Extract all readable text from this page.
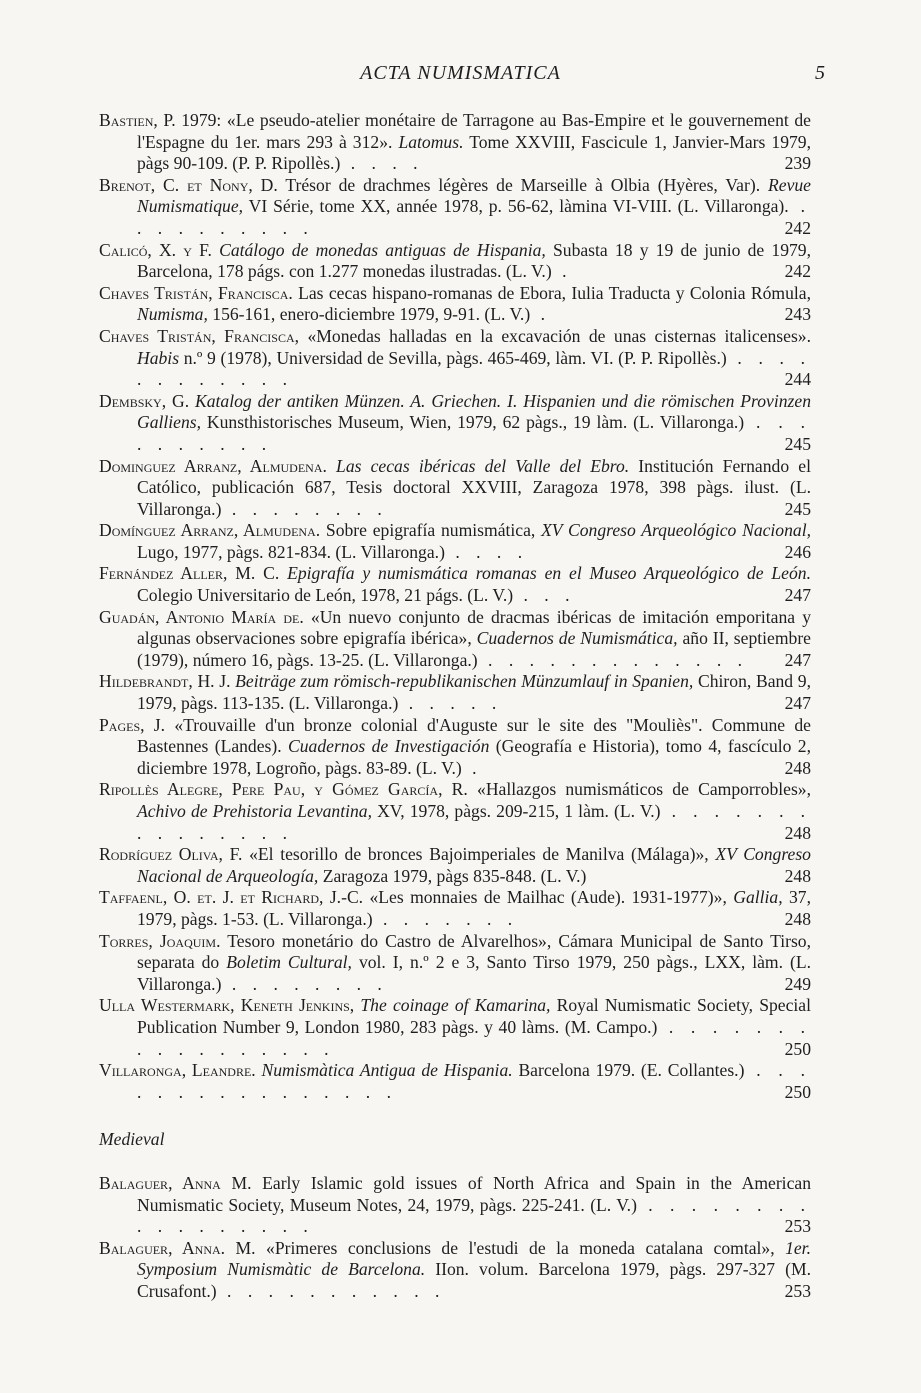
ACTA NUMISMATICA	5
Bastien, P. 1979: «Le pseudo-atelier monétaire de Tarragone au Bas-Empire et le gouvernement de l'Espagne du 1er. mars 293 à 312». Latomus. Tome XXVIII, Fascicule 1, Janvier-Mars 1979, pàgs 90-109. (P. P. Ripollès.) . . . .	239
Brenot, C. et Nony, D. Trésor de drachmes légères de Marseille à Olbia (Hyères, Var). Revue Numismatique, VI Série, tome XX, année 1978, p. 56-62, làmina VI-VIII. (L. Villaronga). . . . . . . . . . .	242
Calicó, X. y F. Catálogo de monedas antiguas de Hispania, Subasta 18 y 19 de junio de 1979, Barcelona, 178 págs. con 1.277 monedas ilustradas. (L. V.) .	242
Chaves Tristán, Francisca. Las cecas hispano-romanas de Ebora, Iulia Traducta y Colonia Rómula, Numisma, 156-161, enero-diciembre 1979, 9-91. (L. V.) .	243
Chaves Tristán, Francisca, «Monedas halladas en la excavación de unas cisternas italicenses». Habis n.º 9 (1978), Universidad de Sevilla, pàgs. 465-469, làm. VI. (P. P. Ripollès.) . . . . . . . . . . . .	244
Dembsky, G. Katalog der antiken Münzen. A. Griechen. I. Hispanien und die römischen Provinzen Galliens, Kunsthistorisches Museum, Wien, 1979, 62 pàgs., 19 làm. (L. Villaronga.) . . . . . . . . . .	245
Dominguez Arranz, Almudena. Las cecas ibéricas del Valle del Ebro. Institución Fernando el Católico, publicación 687, Tesis doctoral XXVIII, Zaragoza 1978, 398 pàgs. ilust. (L. Villaronga.) . . . . . . . .	245
Domínguez Arranz, Almudena. Sobre epigrafía numismática, XV Congreso Arqueológico Nacional, Lugo, 1977, pàgs. 821-834. (L. Villaronga.) . . . .	246
Fernández Aller, M. C. Epigrafía y numismática romanas en el Museo Arqueológico de León. Colegio Universitario de León, 1978, 21 págs. (L. V.) . . .	247
Guadán, Antonio María de. «Un nuevo conjunto de dracmas ibéricas de imitación emporitana y algunas observaciones sobre epigrafía ibérica», Cuadernos de Numismática, año II, septiembre (1979), número 16, pàgs. 13-25. (L. Villaronga.) . . . . . . . . . . . . . 247
Hildebrandt, H. J. Beiträge zum römisch-republikanischen Münzumlauf in Spanien, Chiron, Band 9, 1979, pàgs. 113-135. (L. Villaronga.) . . . . .	247
Pages, J. «Trouvaille d'un bronze colonial d'Auguste sur le site des "Mouliès". Commune de Bastennes (Landes). Cuadernos de Investigación (Geografía e Historia), tomo 4, fascículo 2, diciembre 1978, Logroño, pàgs. 83-89. (L. V.) .	248
Ripollès Alegre, Pere Pau, y Gómez García, R. «Hallazgos numismáticos de Camporrobles», Achivo de Prehistoria Levantina, XV, 1978, pàgs. 209-215, 1 làm. (L. V.) . . . . . . . . . . . . . . .	248
Rodríguez Oliva, F. «El tesorillo de bronces Bajoimperiales de Manilva (Málaga)», XV Congreso Nacional de Arqueología, Zaragoza 1979, pàgs 835-848. (L. V.)	248
Taffaenl, O. et. J. et Richard, J.-C. «Les monnaies de Mailhac (Aude). 1931-1977)», Gallia, 37, 1979, pàgs. 1-53. (L. Villaronga.) . . . . . . .	248
Torres, Joaquim. Tesoro monetário do Castro de Alvarelhos», Cámara Municipal de Santo Tirso, separata do Boletim Cultural, vol. I, n.º 2 e 3, Santo Tirso 1979, 250 pàgs., LXX, làm. (L. Villaronga.) . . . . . . . .	249
Ulla Westermark, Keneth Jenkins, The coinage of Kamarina, Royal Numismatic Society, Special Publication Number 9, London 1980, 283 pàgs. y 40 làms. (M. Campo.) . . . . . . . . . . . . . . . . .	250
Villaronga, Leandre. Numismàtica Antigua de Hispania. Barcelona 1979. (E. Collantes.) . . . . . . . . . . . . . . . .	250
Medieval
Balaguer, Anna M. Early Islamic gold issues of North Africa and Spain in the American Numismatic Society, Museum Notes, 24, 1979, pàgs. 225-241. (L. V.) . . . . . . . . . . . . . . . . .	253
Balaguer, Anna. M. «Primeres conclusions de l'estudi de la moneda catalana comtal», 1er. Symposium Numismàtic de Barcelona. IIon. volum. Barcelona 1979, pàgs. 297-327 (M. Crusafont.) . . . . . . . . . . .	253
